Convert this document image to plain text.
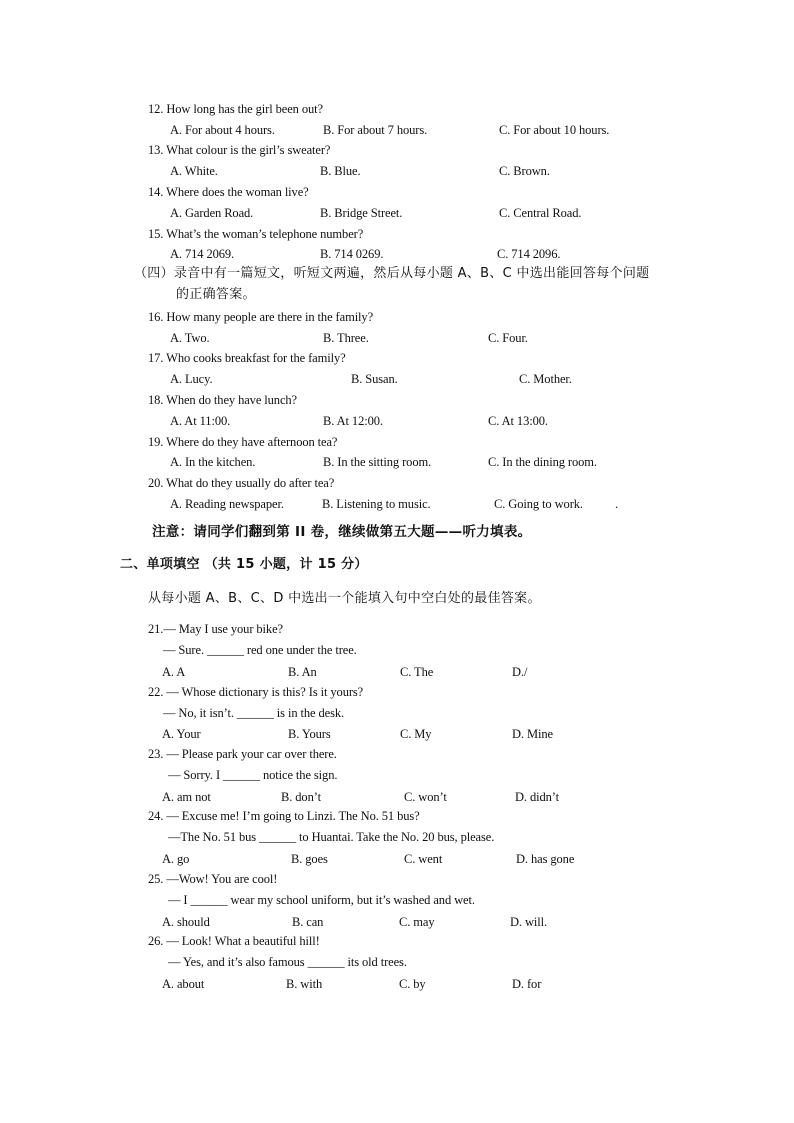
12. How long has the girl been out?
A. For about 4 hours.	B. For about 7 hours.	C. For about 10 hours.
13. What colour is the girl’s sweater?
A. White.	B. Blue.	C. Brown.
14. Where does the woman live?
A. Garden Road.	B. Bridge Street.	C. Central Road.
15. What’s the woman’s telephone number?
A. 714 2069.	B. 714 0269.	C. 714 2096.
（四）录音中有一篇短文，听短文两遍，然后从每小题 A、B、C 中选出能回答每个问题
的正确答案。
16. How many people are there in the family?
A. Two.	B. Three.	C. Four.
17. Who cooks breakfast for the family?
A. Lucy.	B. Susan.	C. Mother.
18. When do they have lunch?
A. At 11:00.	B. At 12:00.	C. At 13:00.
19. Where do they have afternoon tea?
A. In the kitchen.	B. In the sitting room.	C. In the dining room.
20. What do they usually do after tea?
A. Reading newspaper.	B. Listening to music.	C. Going to work.	.
注意：请同学们翻到第 II 卷，继续做第五大题——听力填表。
二、单项填空 （共 15 小题，计 15 分）
从每小题 A、B、C、D 中选出一个能填入句中空白处的最佳答案。
21.— May I use your bike?
— Sure. ______ red one under the tree.
A. A	B. An	C. The	D./
22. — Whose dictionary is this? Is it yours?
— No, it isn’t. ______ is in the desk.
A. Your	B. Yours	C. My	D. Mine
23. — Please park your car over there.
— Sorry. I ______ notice the sign.
A. am not	B. don’t	C. won’t	D. didn’t
24. — Excuse me! I’m going to Linzi. The No. 51 bus?
—The No. 51 bus ______ to Huantai. Take the No. 20 bus, please.
A. go	B. goes	C. went	D. has gone
25. —Wow! You are cool!
— I ______ wear my school uniform, but it’s washed and wet.
A. should	B. can	C. may	D. will.
26. — Look! What a beautiful hill!
— Yes, and it’s also famous ______ its old trees.
A. about	B. with	C. by	D. for
